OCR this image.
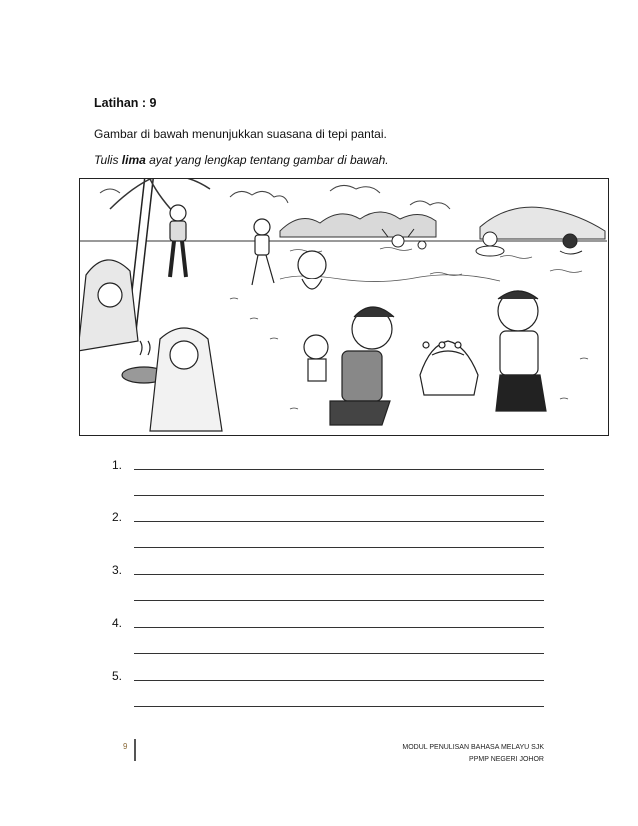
Latihan : 9
Gambar di bawah menunjukkan suasana di tepi pantai.
Tulis lima ayat yang lengkap tentang gambar di bawah.
1.
2.
3.
4.
5.
9	MODUL PENULISAN BAHASA MELAYU SJK
PPMP NEGERI JOHOR
